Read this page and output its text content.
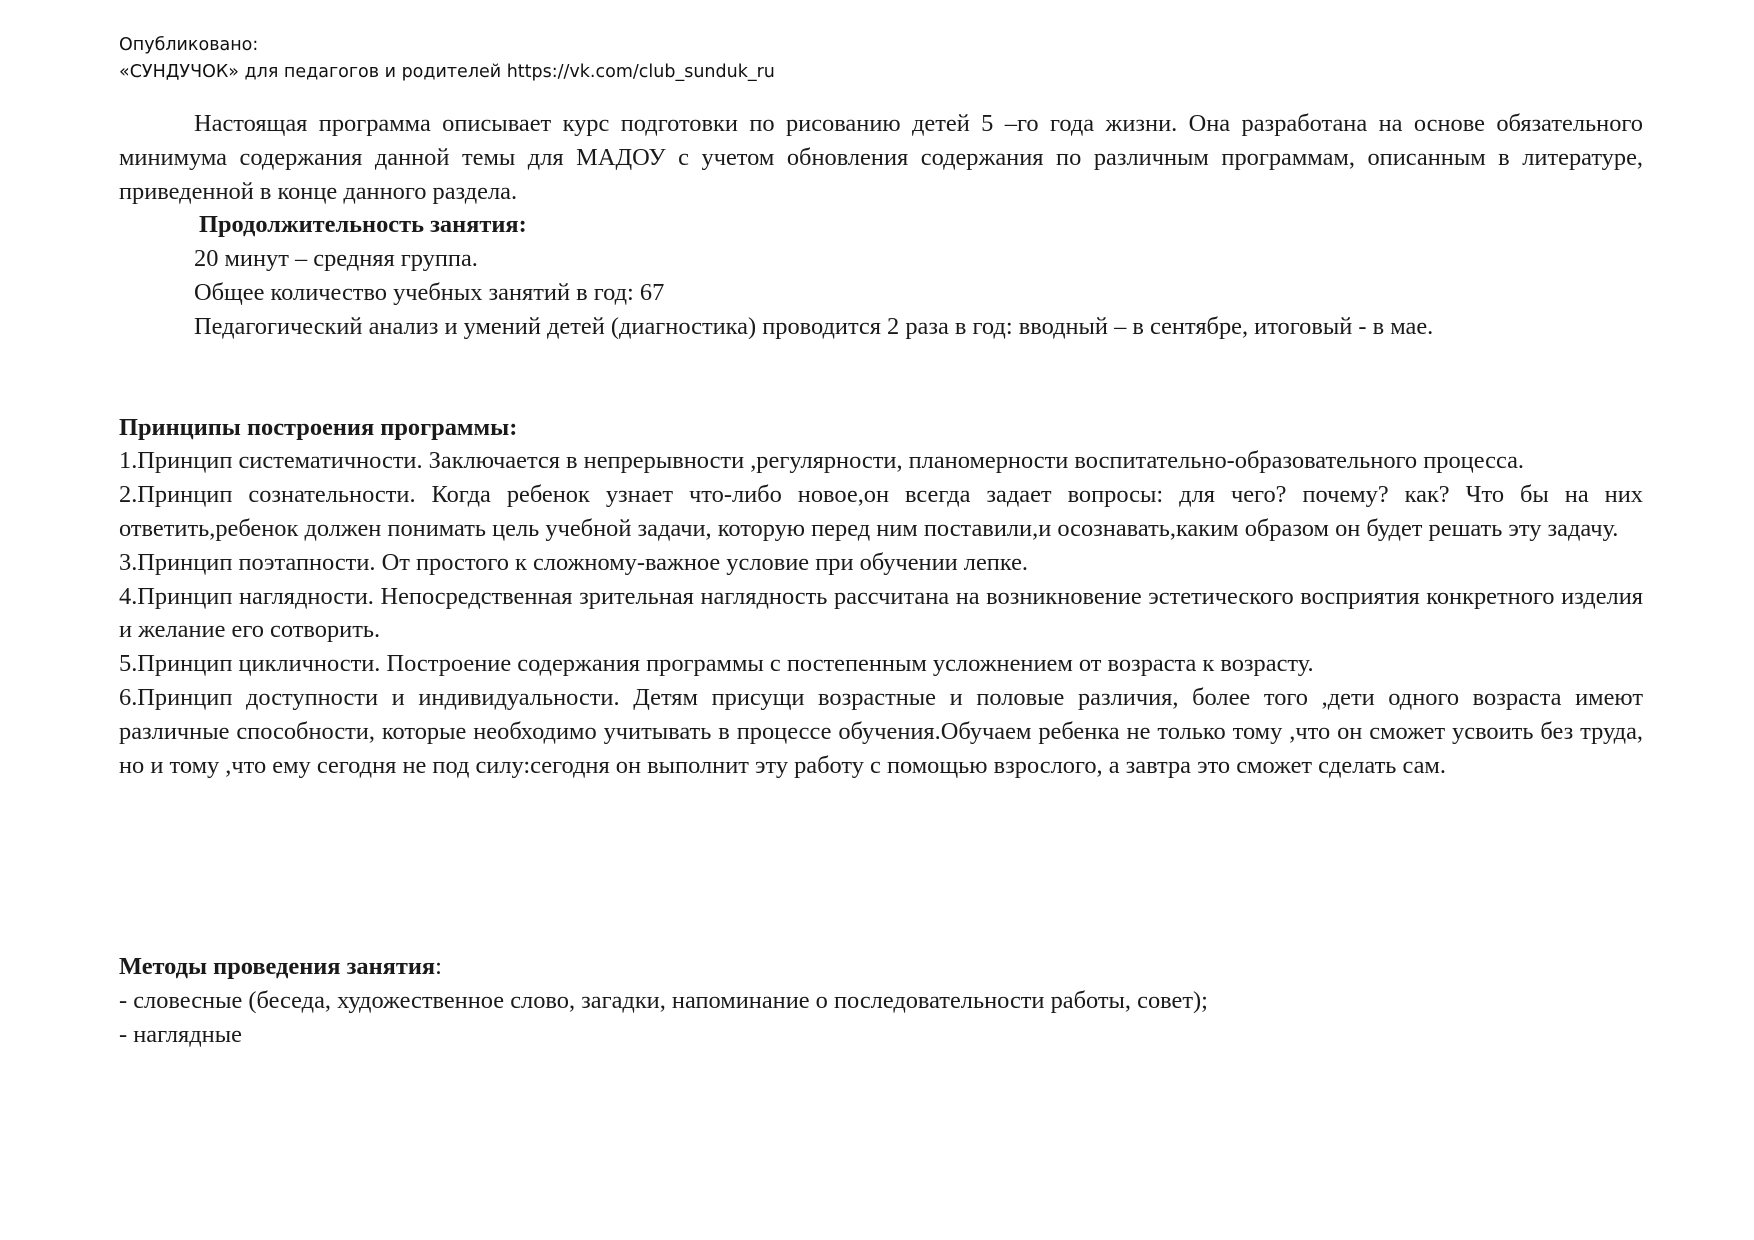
Опубликовано:
«СУНДУЧОК» для педагогов и родителей https://vk.com/club_sunduk_ru

Настоящая программа описывает курс подготовки по рисованию детей 5 –го года жизни. Она разработана на основе обязательного минимума содержания данной темы для МАДОУ с учетом обновления содержания по различным программам, описанным в литературе, приведенной в конце данного раздела.

Продолжительность занятия:

20 минут – средняя группа.

Общее количество учебных занятий в год: 67

Педагогический анализ и умений детей (диагностика) проводится 2 раза в год: вводный – в сентябре, итоговый - в мае.

Принципы построения программы:

1.Принцип систематичности. Заключается в непрерывности ,регулярности, планомерности воспитательно-образовательного процесса.

2.Принцип сознательности. Когда ребенок узнает что-либо новое,он всегда задает вопросы: для чего? почему? как? Что бы на них ответить,ребенок должен понимать цель учебной задачи, которую перед ним поставили,и осознавать,каким образом он будет решать эту задачу.

3.Принцип поэтапности. От простого к сложному-важное условие при обучении лепке.

4.Принцип наглядности. Непосредственная зрительная наглядность рассчитана на возникновение эстетического восприятия конкретного изделия и желание его сотворить.

5.Принцип цикличности. Построение содержания программы с постепенным усложнением от возраста к возрасту.

6.Принцип доступности и индивидуальности. Детям присущи возрастные и половые различия, более того ,дети одного возраста имеют различные способности, которые необходимо учитывать в процессе обучения.Обучаем ребенка не только тому ,что он сможет усвоить без труда, но и тому ,что ему сегодня не под силу:сегодня он выполнит эту работу с помощью взрослого, а завтра это сможет сделать сам.

Методы проведения занятия:

- словесные (беседа, художественное слово, загадки, напоминание о последовательности работы, совет);

- наглядные
